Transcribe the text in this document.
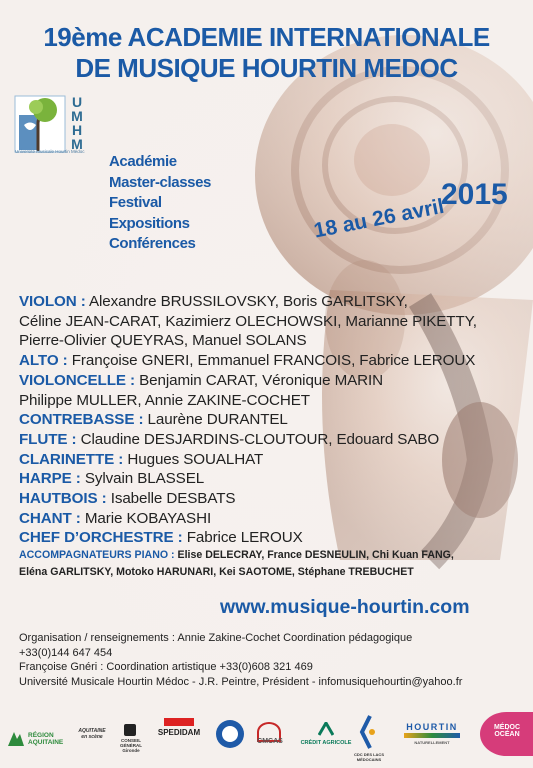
19ème ACADEMIE INTERNATIONALE
DE MUSIQUE HOURTIN MEDOC
U
M
H
M
Université Musicale Hourtin Médoc
Académie
Master-classes
Festival
Expositions
Conférences
2015
18 au 26 avril
VIOLON : Alexandre BRUSSILOVSKY, Boris GARLITSKY,
Céline JEAN-CARAT, Kazimierz OLECHOWSKI, Marianne PIKETTY,
Pierre-Olivier QUEYRAS, Manuel SOLANS
ALTO : Françoise GNERI, Emmanuel FRANCOIS, Fabrice LEROUX
VIOLONCELLE : Benjamin CARAT, Véronique MARIN
Philippe MULLER, Annie ZAKINE-COCHET
CONTREBASSE : Laurène DURANTEL
FLUTE : Claudine DESJARDINS-CLOUTOUR, Edouard SABO
CLARINETTE : Hugues SOUALHAT
HARPE : Sylvain BLASSEL
HAUTBOIS : Isabelle DESBATS
CHANT : Marie KOBAYASHI
CHEF D’ORCHESTRE : Fabrice LEROUX
ACCOMPAGNATEURS PIANO : Elise DELECRAY, France DESNEULIN, Chi Kuan FANG,
Eléna GARLITSKY, Motoko HARUNARI, Kei SAOTOME, Stéphane TREBUCHET
www.musique-hourtin.com
Organisation / renseignements : Annie Zakine-Cochet Coordination pédagogique
+33(0)144 647 454
Françoise Gnéri : Coordination artistique +33(0)608 321 469
Université Musicale Hourtin Médoc - J.R. Peintre, Président - infomusiquehourtin@yahoo.fr
RÉGION AQUITAINE
AQUITAINE en scène
CONSEIL GÉNÉRAL Gironde
SPEDIDAM
CMCAS	CRÉDIT AGRICOLE
CDC DES LACS MÉDOCAINS
HOURTIN
NATURELLEMENT
MÉDOC OCÉAN
